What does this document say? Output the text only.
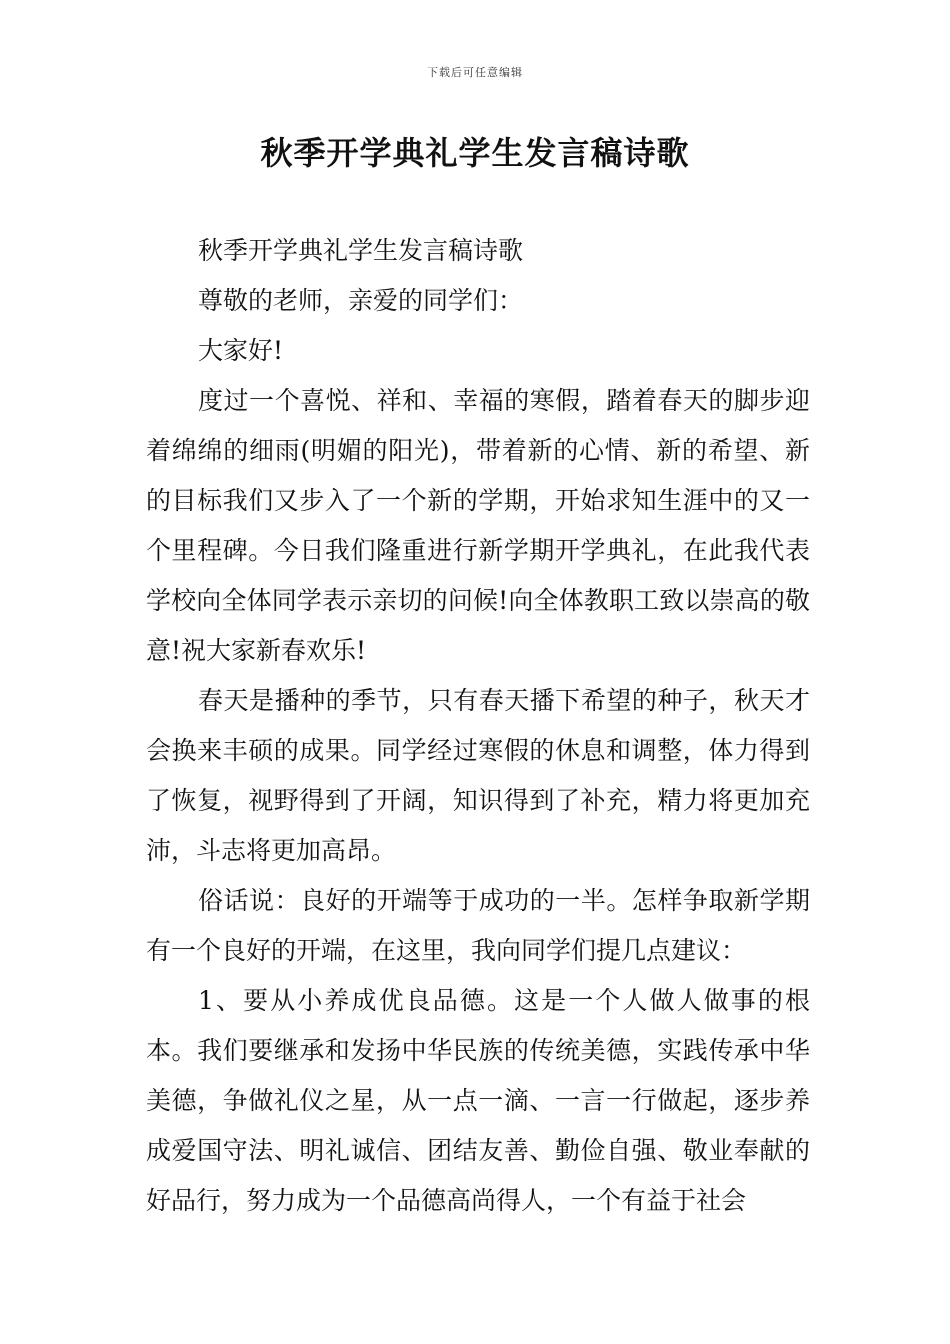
下载后可任意编辑
秋季开学典礼学生发言稿诗歌

秋季开学典礼学生发言稿诗歌

尊敬的老师，亲爱的同学们：

大家好!

度过一个喜悦、祥和、幸福的寒假，踏着春天的脚步迎着绵绵的细雨(明媚的阳光)，带着新的心情、新的希望、新的目标我们又步入了一个新的学期，开始求知生涯中的又一个里程碑。今日我们隆重进行新学期开学典礼，在此我代表学校向全体同学表示亲切的问候!向全体教职工致以崇高的敬意!祝大家新春欢乐!

春天是播种的季节，只有春天播下希望的种子，秋天才会换来丰硕的成果。同学经过寒假的休息和调整，体力得到了恢复，视野得到了开阔，知识得到了补充，精力将更加充沛，斗志将更加高昂。

俗话说：良好的开端等于成功的一半。怎样争取新学期有一个良好的开端，在这里，我向同学们提几点建议：

1、要从小养成优良品德。这是一个人做人做事的根本。我们要继承和发扬中华民族的传统美德，实践传承中华美德，争做礼仪之星，从一点一滴、一言一行做起，逐步养成爱国守法、明礼诚信、团结友善、勤俭自强、敬业奉献的好品行，努力成为一个品德高尚得人，一个有益于社会
